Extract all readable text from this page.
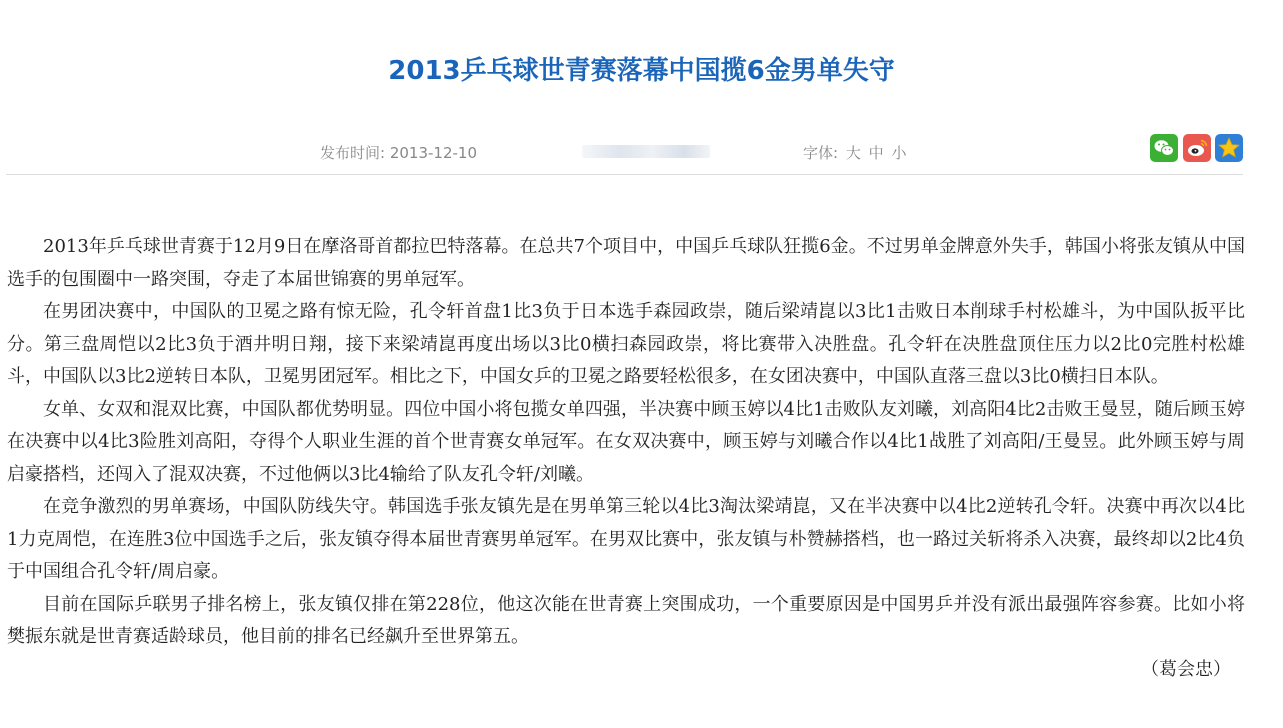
2013乒乓球世青赛落幕中国揽6金男单失守
发布时间: 2013-12-10	字体: 大 中 小

2013年乒乓球世青赛于12月9日在摩洛哥首都拉巴特落幕。在总共7个项目中，中国乒乓球队狂揽6金。不过男单金牌意外失手，韩国小将张友镇从中国选手的包围圈中一路突围，夺走了本届世锦赛的男单冠军。

在男团决赛中，中国队的卫冕之路有惊无险，孔令轩首盘1比3负于日本选手森园政崇，随后梁靖崑以3比1击败日本削球手村松雄斗，为中国队扳平比分。第三盘周恺以2比3负于酒井明日翔，接下来梁靖崑再度出场以3比0横扫森园政崇，将比赛带入决胜盘。孔令轩在决胜盘顶住压力以2比0完胜村松雄斗，中国队以3比2逆转日本队，卫冕男团冠军。相比之下，中国女乒的卫冕之路要轻松很多，在女团决赛中，中国队直落三盘以3比0横扫日本队。

女单、女双和混双比赛，中国队都优势明显。四位中国小将包揽女单四强，半决赛中顾玉婷以4比1击败队友刘曦，刘高阳4比2击败王曼昱，随后顾玉婷在决赛中以4比3险胜刘高阳，夺得个人职业生涯的首个世青赛女单冠军。在女双决赛中，顾玉婷与刘曦合作以4比1战胜了刘高阳/王曼昱。此外顾玉婷与周启豪搭档，还闯入了混双决赛，不过他俩以3比4输给了队友孔令轩/刘曦。

在竞争激烈的男单赛场，中国队防线失守。韩国选手张友镇先是在男单第三轮以4比3淘汰梁靖崑，又在半决赛中以4比2逆转孔令轩。决赛中再次以4比1力克周恺，在连胜3位中国选手之后，张友镇夺得本届世青赛男单冠军。在男双比赛中，张友镇与朴赞赫搭档，也一路过关斩将杀入决赛，最终却以2比4负于中国组合孔令轩/周启豪。

目前在国际乒联男子排名榜上，张友镇仅排在第228位，他这次能在世青赛上突围成功，一个重要原因是中国男乒并没有派出最强阵容参赛。比如小将樊振东就是世青赛适龄球员，他目前的排名已经飙升至世界第五。

（葛会忠）
